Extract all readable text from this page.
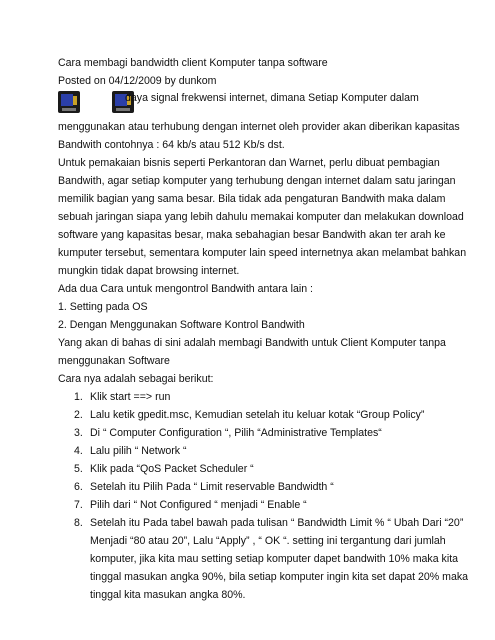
Cara membagi bandwidth client Komputer tanpa software
Posted on 04/12/2009 by dunkom
daya signal frekwensi internet, dimana Setiap Komputer dalam
menggunakan atau terhubung dengan internet oleh provider akan diberikan kapasitas
Bandwith contohnya : 64 kb/s atau 512 Kb/s dst.
Untuk pemakaian bisnis seperti Perkantoran dan Warnet, perlu dibuat pembagian
Bandwith, agar setiap komputer yang terhubung dengan internet dalam satu jaringan
memilik bagian yang sama besar. Bila tidak ada pengaturan Bandwith maka dalam
sebuah jaringan siapa yang lebih dahulu memakai komputer dan melakukan download
software yang kapasitas besar, maka sebahagian besar Bandwith akan ter arah ke
kumputer tersebut, sementara komputer lain speed internetnya akan melambat bahkan
mungkin tidak dapat browsing internet.
Ada dua Cara untuk mengontrol Bandwith antara lain :
1. Setting pada OS
2. Dengan Menggunakan Software Kontrol Bandwith
Yang akan di bahas di sini adalah membagi Bandwith untuk Client Komputer tanpa
menggunakan Software
Cara nya adalah sebagai berikut:
1. Klik start ==> run
2. Lalu ketik gpedit.msc, Kemudian setelah itu keluar kotak “Group Policy”
3. Di “ Computer Configuration “, Pilih “Administrative Templates“
4. Lalu pilih “ Network “
5. Klik pada “QoS Packet Scheduler “
6. Setelah itu Pilih Pada “ Limit reservable Bandwidth “
7. Pilih dari “ Not Configured “ menjadi “ Enable “
8. Setelah itu Pada tabel bawah pada tulisan “ Bandwidth Limit % “ Ubah Dari “20”
Menjadi “80 atau 20”, Lalu “Apply” , “ OK “. setting ini tergantung dari jumlah
komputer, jika kita mau setting setiap komputer dapet bandwith 10% maka kita
tinggal masukan angka 90%, bila setiap komputer ingin kita set dapat 20% maka
tinggal kita masukan angka 80%.
